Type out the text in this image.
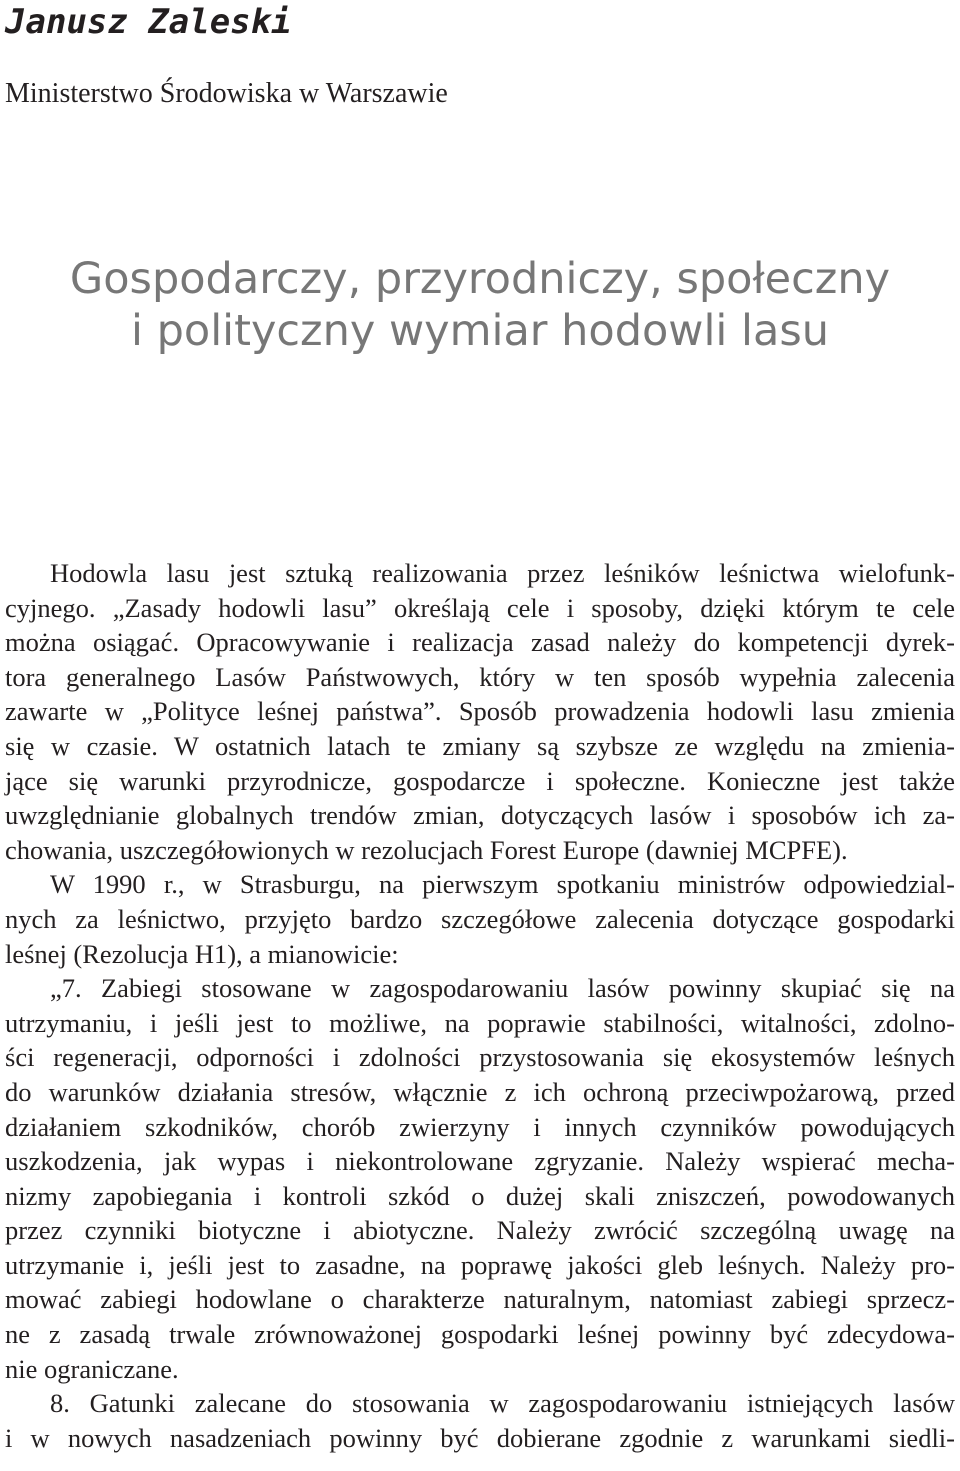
Janusz Zaleski

Ministerstwo Środowiska w Warszawie

Gospodarczy, przyrodniczy, społeczny
i polityczny wymiar hodowli lasu
Hodowla lasu jest sztuką realizowania przez leśników leśnictwa wielofunk-
cyjnego. „Zasady hodowli lasu” określają cele i sposoby, dzięki którym te cele
można osiągać. Opracowywanie i realizacja zasad należy do kompetencji dyrek-
tora generalnego Lasów Państwowych, który w ten sposób wypełnia zalecenia
zawarte w „Polityce leśnej państwa”. Sposób prowadzenia hodowli lasu zmienia
się w czasie. W ostatnich latach te zmiany są szybsze ze względu na zmienia-
jące się warunki przyrodnicze, gospodarcze i społeczne. Konieczne jest także
uwzględnianie globalnych trendów zmian, dotyczących lasów i sposobów ich za-
chowania, uszczegółowionych w rezolucjach Forest Europe (dawniej MCPFE).
W 1990 r., w Strasburgu, na pierwszym spotkaniu ministrów odpowiedzial-
nych za leśnictwo, przyjęto bardzo szczegółowe zalecenia dotyczące gospodarki
leśnej (Rezolucja H1), a mianowicie:
„7. Zabiegi stosowane w zagospodarowaniu lasów powinny skupiać się na
utrzymaniu, i jeśli jest to możliwe, na poprawie stabilności, witalności, zdolno-
ści regeneracji, odporności i zdolności przystosowania się ekosystemów leśnych
do warunków działania stresów, włącznie z ich ochroną przeciwpożarową, przed
działaniem szkodników, chorób zwierzyny i innych czynników powodujących
uszkodzenia, jak wypas i niekontrolowane zgryzanie. Należy wspierać mecha-
nizmy zapobiegania i kontroli szkód o dużej skali zniszczeń, powodowanych
przez czynniki biotyczne i abiotyczne. Należy zwrócić szczególną uwagę na
utrzymanie i, jeśli jest to zasadne, na poprawę jakości gleb leśnych. Należy pro-
mować zabiegi hodowlane o charakterze naturalnym, natomiast zabiegi sprzecz-
ne z zasadą trwale zrównoważonej gospodarki leśnej powinny być zdecydowa-
nie ograniczane.
8. Gatunki zalecane do stosowania w zagospodarowaniu istniejących lasów
i w nowych nasadzeniach powinny być dobierane zgodnie z warunkami siedli-
